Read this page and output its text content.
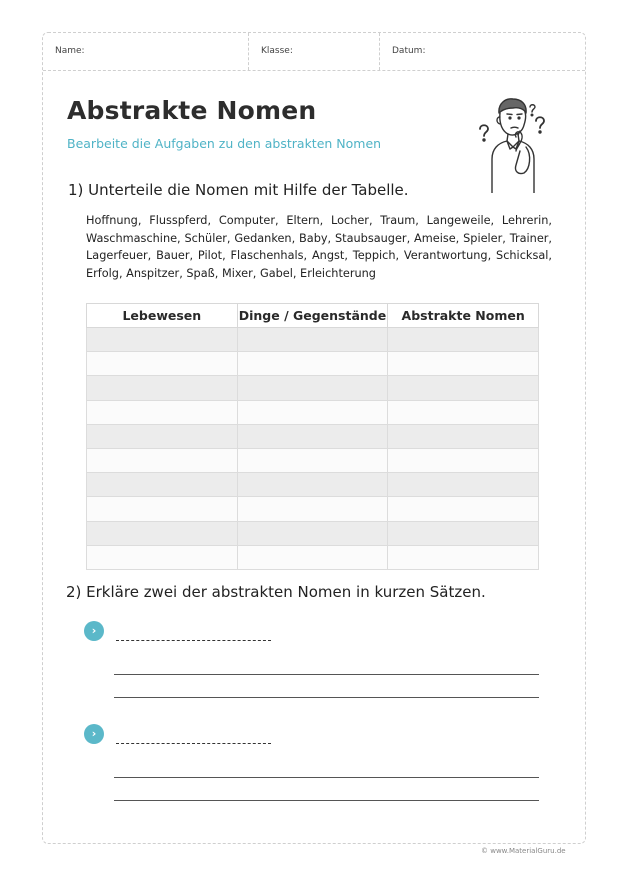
Name:	Klasse:	Datum:
Abstrakte Nomen
Bearbeite die Aufgaben zu den abstrakten Nomen
1) Unterteile die Nomen mit Hilfe der Tabelle.
Hoffnung, Flusspferd, Computer, Eltern, Locher, Traum, Langeweile, Lehrerin, Waschmaschine, Schüler, Gedanken, Baby, Staubsauger, Ameise, Spieler, Trainer, Lagerfeuer, Bauer, Pilot, Flaschenhals, Angst, Teppich, Verantwortung, Schicksal, Erfolg, Anspitzer, Spaß, Mixer, Gabel, Erleichterung
Lebewesen	Dinge / Gegenstände	Abstrakte Nomen

2) Erkläre zwei der abstrakten Nomen in kurzen Sätzen.
›
›
© www.MaterialGuru.de
